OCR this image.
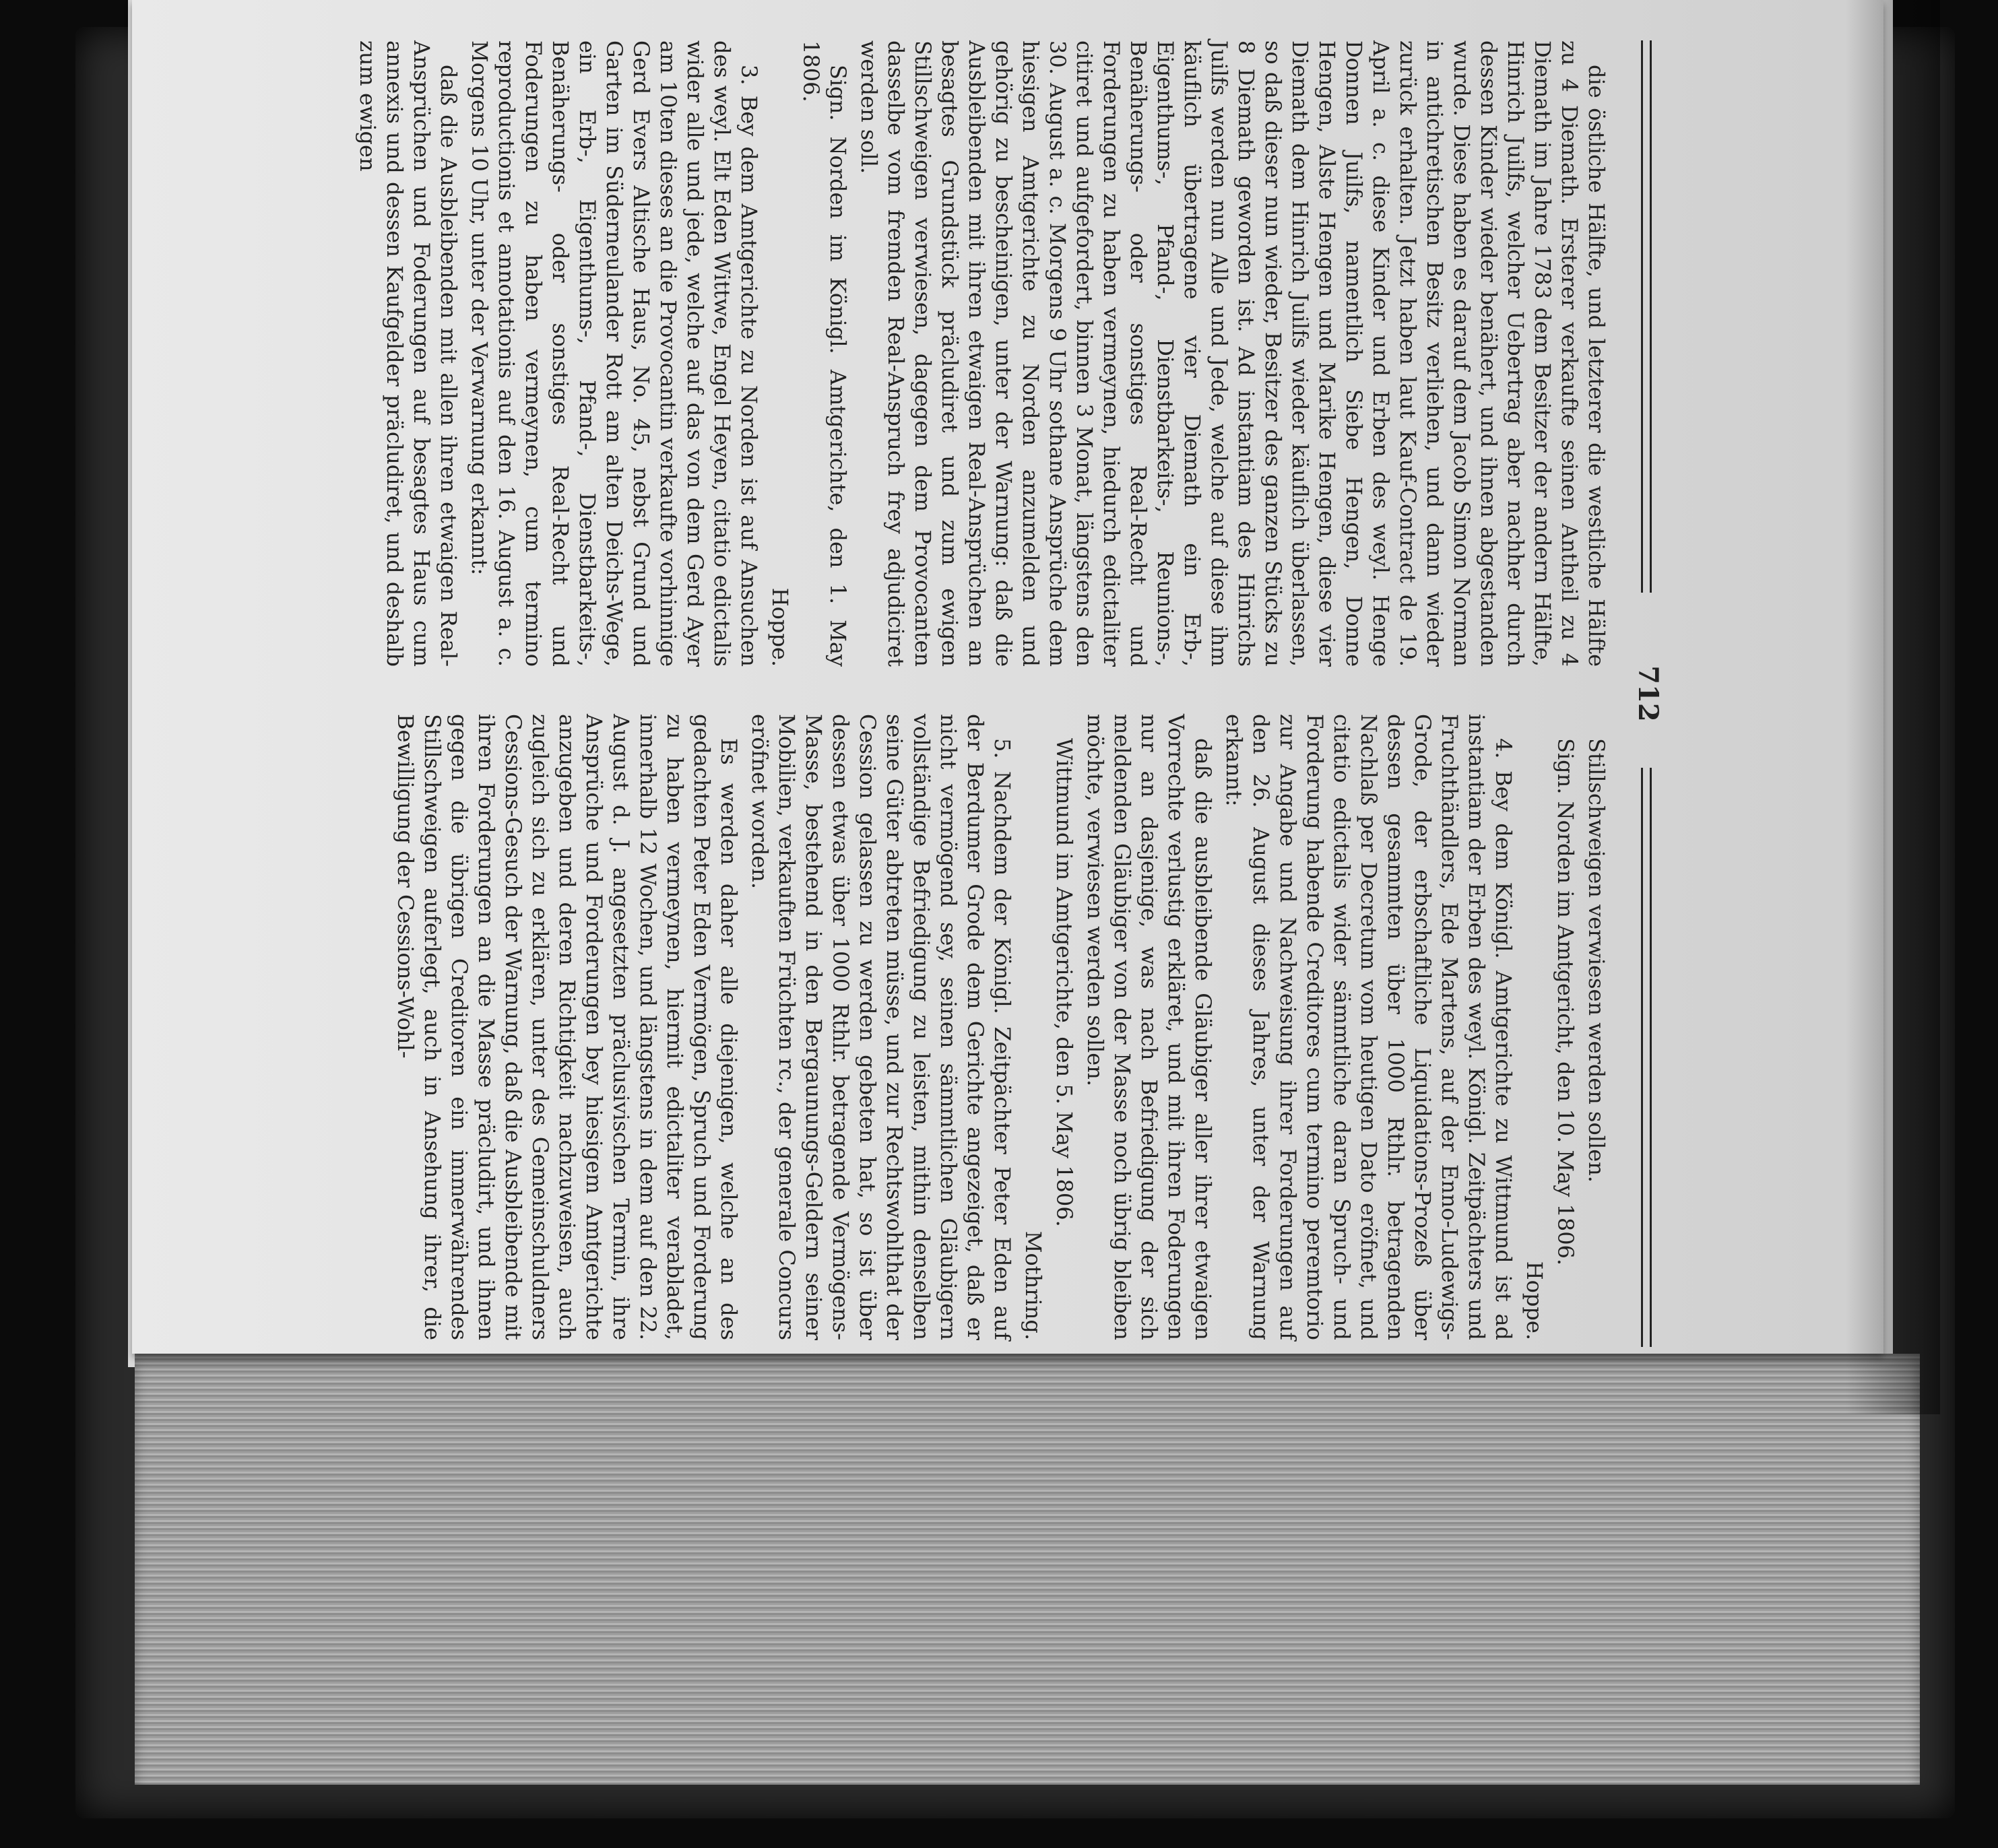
712

die östliche Hälfte, und letzterer die westliche Hälfte zu 4 Diemath. Ersterer verkaufte seinen Antheil zu 4 Diemath im Jahre 1783 dem Besitzer der andern Hälfte, Hinrich Juilfs, welcher Uebertrag aber nachher durch dessen Kinder wieder benähert, und ihnen abgestanden wurde. Diese haben es darauf dem Jacob Simon Norman in antichretischen Besitz verliehen, und dann wieder zurück erhalten. Jetzt haben laut Kauf-Contract de 19. April a. c. diese Kinder und Erben des weyl. Henge Donnen Juilfs, namentlich Siebe Hengen, Donne Hengen, Alste Hengen und Marike Hengen, diese vier Diemath dem Hinrich Juilfs wieder käuflich überlassen, so daß dieser nun wieder, Besitzer des ganzen Stücks zu 8 Diemath geworden ist. Ad instantiam des Hinrichs Juilfs werden nun Alle und Jede, welche auf diese ihm käuflich übertragene vier Diemath ein Erb-, Eigenthums-, Pfand-, Dienstbarkeits-, Reunions-, Benäherungs- oder sonstiges Real-Recht und Forderungen zu haben vermeynen, hiedurch edictaliter citiret und aufgefordert, binnen 3 Monat, längstens den 30. August a. c. Morgens 9 Uhr sothane Ansprüche dem hiesigen Amtgerichte zu Norden anzumelden und gehörig zu bescheinigen, unter der Warnung: daß die Ausbleibenden mit ihren etwaigen Real-Ansprüchen an besagtes Grundstück präcludiret und zum ewigen Stillschweigen verwiesen, dagegen dem Provocanten dasselbe vom fremden Real-Anspruch frey adjudiciret werden soll.

Sign. Norden im Königl. Amtgerichte, den 1. May 1806.

Hoppe.

3. Bey dem Amtgerichte zu Norden ist auf Ansuchen des weyl. Elt Eden Wittwe, Engel Heyen, citatio edictalis wider alle und jede, welche auf das von dem Gerd Ayer am 10ten dieses an die Provocantin verkaufte vorhinnige Gerd Evers Altische Haus, No. 45, nebst Grund und Garten im Süderneulander Rott am alten Deichs-Wege, ein Erb-, Eigenthums-, Pfand-, Dienstbarkeits-, Benäherungs- oder sonstiges Real-Recht und Foderungen zu haben vermeynen, cum termino reproductionis et annotationis auf den 16. August a. c. Morgens 10 Uhr, unter der Verwarnung erkannt:

daß die Ausbleibenden mit allen ihren etwaigen Real-Ansprüchen und Foderungen auf besagtes Haus cum annexis und dessen Kaufgelder präcludiret, und deshalb zum ewigen

Stillschweigen verwiesen werden sollen.

Sign. Norden im Amtgericht, den 10. May 1806.

Hoppe.

4. Bey dem Königl. Amtgerichte zu Wittmund ist ad instantiam der Erben des weyl. Königl. Zeitpächters und Fruchthändlers, Ede Martens, auf der Enno-Ludewigs-Grode, der erbschaftliche Liquidations-Prozeß über dessen gesammten über 1000 Rthlr. betragenden Nachlaß per Decretum vom heutigen Dato eröfnet, und citatio edictalis wider sämmtliche daran Spruch- und Forderung habende Creditores cum termino peremtorio zur Angabe und Nachweisung ihrer Forderungen auf den 26. August dieses Jahres, unter der Warnung erkannt:

daß die ausbleibende Gläubiger aller ihrer etwaigen Vorrechte verlustig erkläret, und mit ihren Foderungen nur an dasjenige, was nach Befriedigung der sich meldenden Gläubiger von der Masse noch übrig bleiben möchte, verwiesen werden sollen.

Wittmund im Amtgerichte, den 5. May 1806.

Mothring.

5. Nachdem der Königl. Zeitpächter Peter Eden auf der Berdumer Grode dem Gerichte angezeiget, daß er nicht vermögend sey, seinen sämmtlichen Gläubigern vollständige Befriedigung zu leisten, mithin denselben seine Güter abtreten müsse, und zur Rechtswohlthat der Cession gelassen zu werden gebeten hat, so ist über dessen etwas über 1000 Rthlr. betragende Vermögens-Masse, bestehend in den Bergaunungs-Geldern seiner Mobilien, verkauften Früchten rc., der generale Concurs eröfnet worden.

Es werden daher alle diejenigen, welche an des gedachten Peter Eden Vermögen, Spruch und Forderung zu haben vermeynen, hiermit edictaliter verabladet, innerhalb 12 Wochen, und längstens in dem auf den 22. August d. J. angesetzten präclusivischen Termin, ihre Ansprüche und Forderungen bey hiesigem Amtgerichte anzugeben und deren Richtigkeit nachzuweisen, auch zugleich sich zu erklären, unter des Gemeinschuldners Cessions-Gesuch der Warnung, daß die Ausbleibende mit ihren Forderungen an die Masse präcludirt, und ihnen gegen die übrigen Creditoren ein immerwährendes Stillschweigen auferlegt, auch in Ansehung ihrer, die Bewilligung der Cessions-Wohl-
